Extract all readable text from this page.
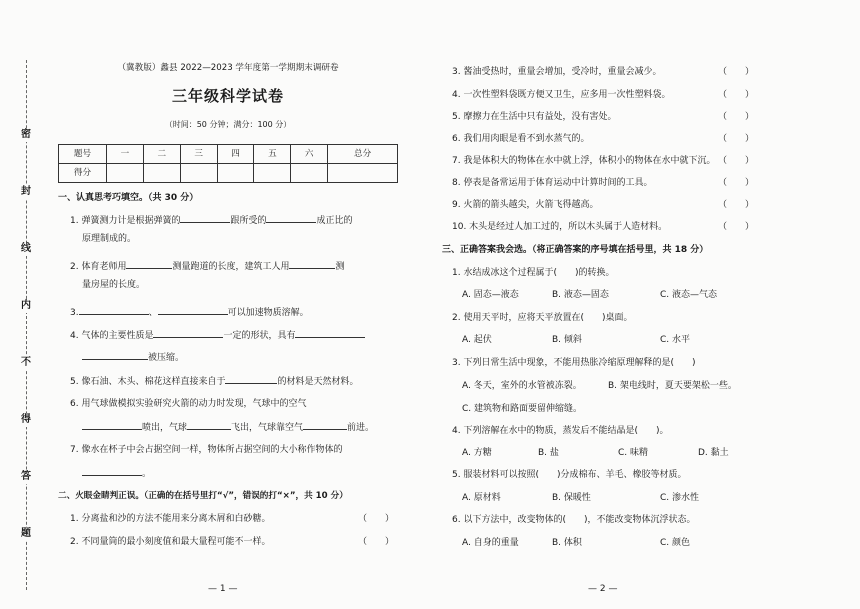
密
封
线
内
不
得
答
题
（冀教版）蠡县 2022—2023 学年度第一学期期末调研卷
三年级科学试卷
（时间：50 分钟；满分：100 分）
题号	一	二	三	四	五	六	总分
得分							
一、认真思考巧填空。（共 30 分）
1. 弹簧测力计是根据弹簧的	跟所受的	成正比的
原理制成的。
2. 体育老师用	测量跑道的长度，建筑工人用	测
量房屋的长度。
3.	、	可以加速物质溶解。
4. 气体的主要性质是	一定的形状，具有
被压缩。
5. 像石油、木头、棉花这样直接来自于	的材料是天然材料。
6. 用气球做模拟实验研究火箭的动力时发现，气球中的空气
喷出，气球	飞出，气球靠空气	前进。
7. 像水在杯子中会占据空间一样，物体所占据空间的大小称作物体的
。
二、火眼金睛判正误。（正确的在括号里打“√”，错误的打“×”，共 10 分）
1. 分离盐和沙的方法不能用来分离木屑和白砂糖。	（　　）
2. 不同量筒的最小刻度值和最大量程可能不一样。	（　　）
— 1 —
3. 酱油受热时，重量会增加，受冷时，重量会减少。	（　　）
4. 一次性塑料袋既方便又卫生，应多用一次性塑料袋。	（　　）
5. 摩擦力在生活中只有益处，没有害处。	（　　）
6. 我们用肉眼是看不到水蒸气的。	（　　）
7. 我是体积大的物体在水中就上浮，体积小的物体在水中就下沉。 （　　）
8. 停表是备常运用于体育运动中计算时间的工具。	（　　）
9. 火箭的箭头越尖，火箭飞得越高。	（　　）
10. 木头是经过人加工过的，所以木头属于人造材料。	（　　）
三、正确答案我会选。（将正确答案的序号填在括号里，共 18 分）
1. 水结成冰这个过程属于(　　)的转换。
A. 固态—液态	B. 液态—固态	C. 液态—气态
2. 使用天平时，应将天平放置在(　　)桌面。
A. 起伏	B. 倾斜	C. 水平
3. 下列日常生活中现象，不能用热胀冷缩原理解释的是(　　)
A. 冬天，室外的水管被冻裂。	B. 架电线时，夏天要架松一些。
C. 建筑物和路面要留伸缩缝。
4. 下列溶解在水中的物质，蒸发后不能结晶是(　　)。
A. 方糖	B. 盐	C. 味精	D. 黏土
5. 服装材料可以按照(　　)分成棉布、羊毛、橡胶等材质。
A. 原材料	B. 保暖性	C. 渗水性
6. 以下方法中，改变物体的(　　)，不能改变物体沉浮状态。
A. 自身的重量	B. 体积	C. 颜色
— 2 —
